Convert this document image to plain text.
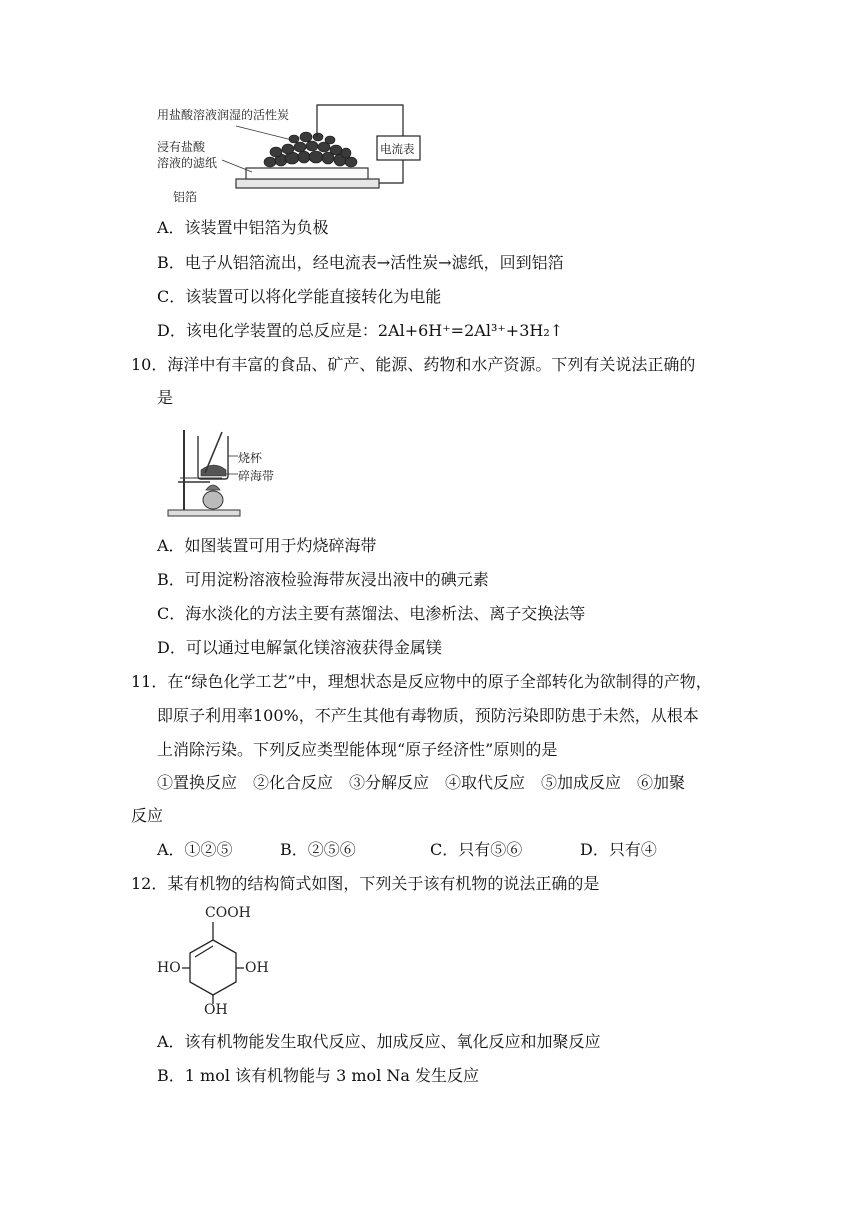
用盐酸溶液润湿的活性炭
浸有盐酸
溶液的滤纸
铝箔
电流表
A．该装置中铝箔为负极
B．电子从铝箔流出，经电流表→活性炭→滤纸，回到铝箔
C．该装置可以将化学能直接转化为电能
D．该电化学装置的总反应是：2Al+6H⁺=2Al³⁺+3H₂↑
10．海洋中有丰富的食品、矿产、能源、药物和水产资源。下列有关说法正确的
是
烧杯
碎海带
A．如图装置可用于灼烧碎海带
B．可用淀粉溶液检验海带灰浸出液中的碘元素
C．海水淡化的方法主要有蒸馏法、电渗析法、离子交换法等
D．可以通过电解氯化镁溶液获得金属镁
11．在“绿色化学工艺”中，理想状态是反应物中的原子全部转化为欲制得的产物，
即原子利用率100%，不产生其他有毒物质，预防污染即防患于未然，从根本
上消除污染。下列反应类型能体现“原子经济性”原则的是
①置换反应　②化合反应　③分解反应　④取代反应　⑤加成反应　⑥加聚
反应
A．①②⑤	B．②⑤⑥	C．只有⑤⑥	D．只有④
12．某有机物的结构简式如图，下列关于该有机物的说法正确的是
COOH
HO	OH
OH
A．该有机物能发生取代反应、加成反应、氧化反应和加聚反应
B．1 mol 该有机物能与 3 mol Na 发生反应
